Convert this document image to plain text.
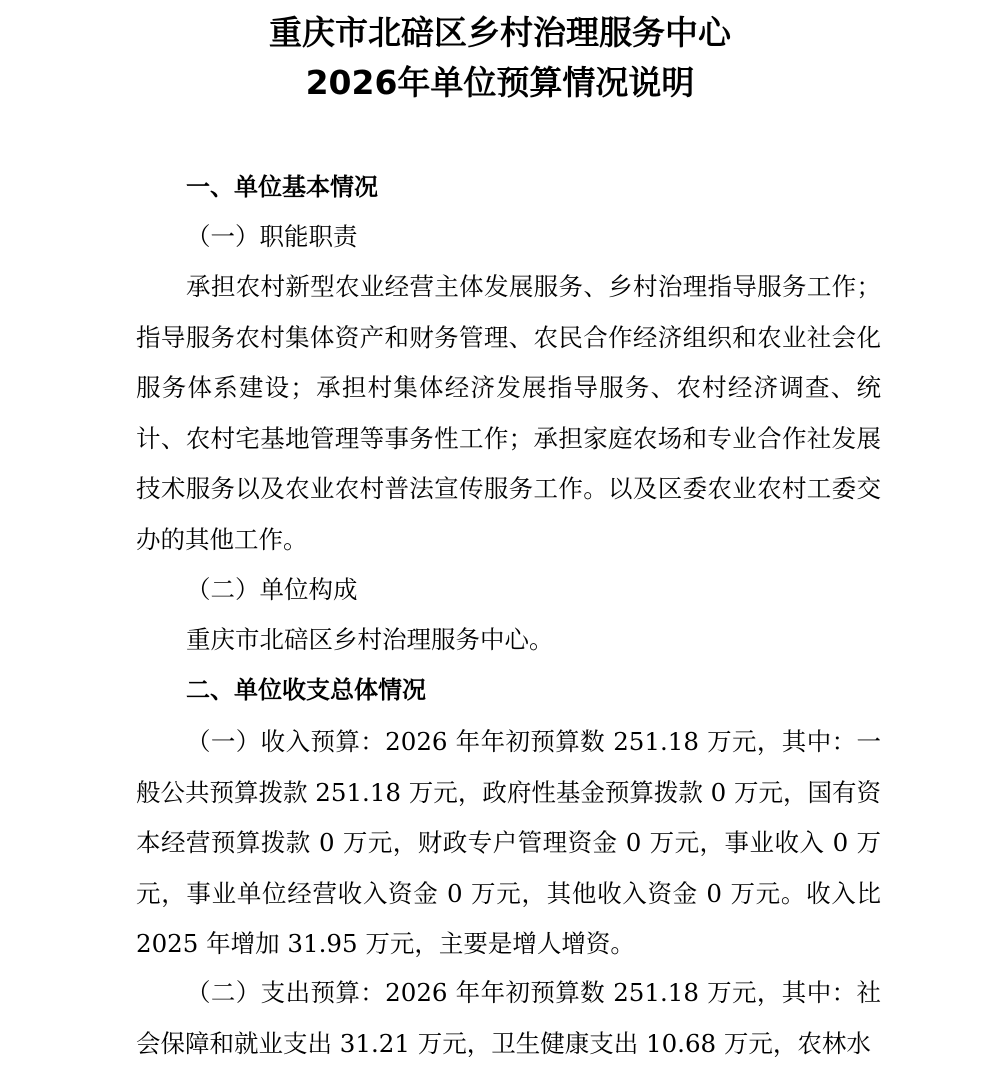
重庆市北碚区乡村治理服务中心
2026年单位预算情况说明
一、单位基本情况
（一）职能职责
承担农村新型农业经营主体发展服务、乡村治理指导服务工作；指导服务农村集体资产和财务管理、农民合作经济组织和农业社会化服务体系建设；承担村集体经济发展指导服务、农村经济调查、统计、农村宅基地管理等事务性工作；承担家庭农场和专业合作社发展技术服务以及农业农村普法宣传服务工作。以及区委农业农村工委交办的其他工作。
（二）单位构成
重庆市北碚区乡村治理服务中心。
二、单位收支总体情况
（一）收入预算：2026 年年初预算数 251.18 万元，其中：一般公共预算拨款 251.18 万元，政府性基金预算拨款 0 万元，国有资本经营预算拨款 0 万元，财政专户管理资金 0 万元，事业收入 0 万元，事业单位经营收入资金 0 万元，其他收入资金 0 万元。收入比 2025 年增加 31.95 万元，主要是增人增资。
（二）支出预算：2026 年年初预算数 251.18 万元，其中：社会保障和就业支出 31.21 万元，卫生健康支出 10.68 万元，农林水
